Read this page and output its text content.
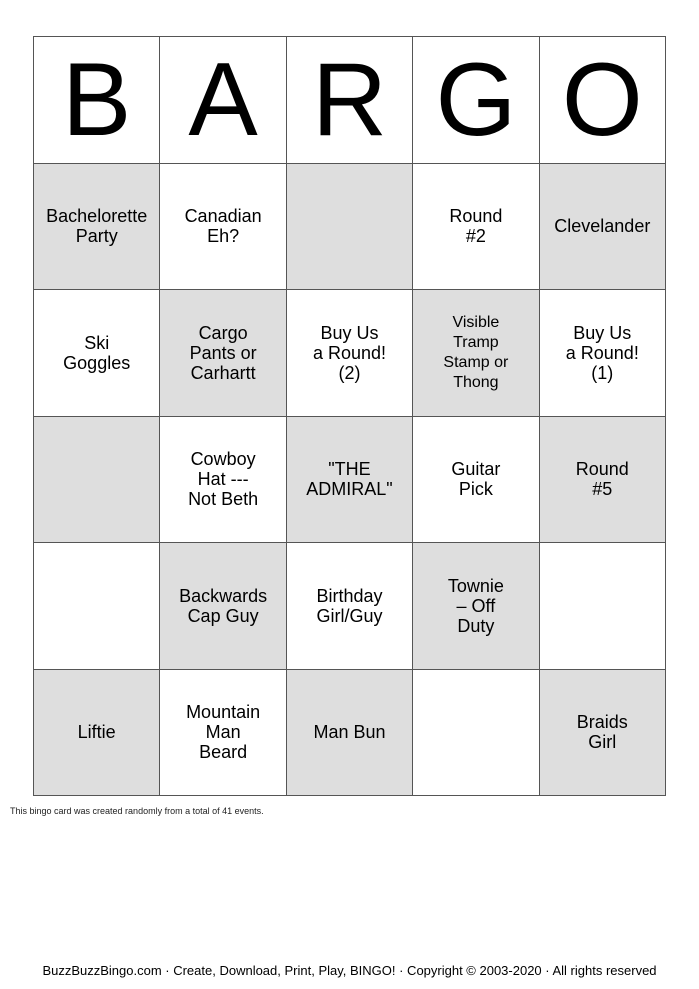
B A R G O
Bachelorette
Party
Canadian
Eh?
Round
#2	Clevelander
Ski
Goggles
Cargo
Pants or
Carhartt
Buy Us
a Round!
(2)
Visible
Tramp
Stamp or
Thong
Buy Us
a Round!
(1)
Cowboy
Hat ---
Not Beth
"THE
ADMIRAL"
Guitar
Pick
Round
#5
Backwards
Cap Guy
Birthday
Girl/Guy
Townie
– Off
Duty
Liftie
Mountain
Man
Beard
Man Bun	Braids
Girl
This bingo card was created randomly from a total of 41 events.
BuzzBuzzBingo.com · Create, Download, Print, Play, BINGO! · Copyright © 2003-2020 · All rights reserved
